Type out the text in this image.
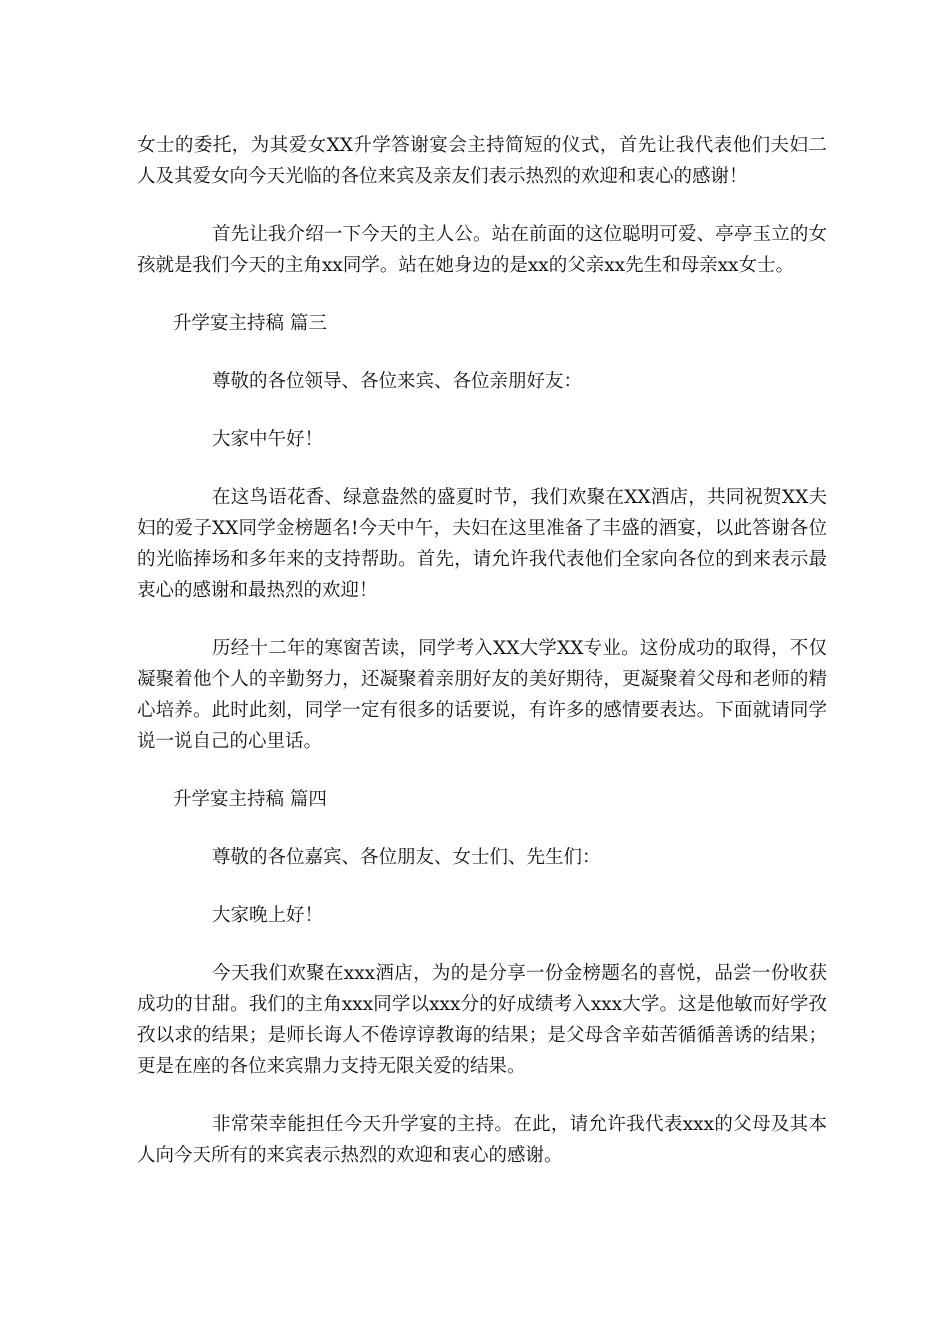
女士的委托，为其爱女XX升学答谢宴会主持简短的仪式，首先让我代表他们夫妇二人及其爱女向今天光临的各位来宾及亲友们表示热烈的欢迎和衷心的感谢！

首先让我介绍一下今天的主人公。站在前面的这位聪明可爱、亭亭玉立的女孩就是我们今天的主角xx同学。站在她身边的是xx的父亲xx先生和母亲xx女士。

升学宴主持稿 篇三

尊敬的各位领导、各位来宾、各位亲朋好友：

大家中午好！

在这鸟语花香、绿意盎然的盛夏时节，我们欢聚在XX酒店，共同祝贺XX夫妇的爱子XX同学金榜题名!今天中午，夫妇在这里准备了丰盛的酒宴，以此答谢各位的光临捧场和多年来的支持帮助。首先，请允许我代表他们全家向各位的到来表示最衷心的感谢和最热烈的欢迎！

历经十二年的寒窗苦读，同学考入XX大学XX专业。这份成功的取得，不仅凝聚着他个人的辛勤努力，还凝聚着亲朋好友的美好期待，更凝聚着父母和老师的精心培养。此时此刻，同学一定有很多的话要说，有许多的感情要表达。下面就请同学说一说自己的心里话。

升学宴主持稿 篇四

尊敬的各位嘉宾、各位朋友、女士们、先生们：

大家晚上好！

今天我们欢聚在xxx酒店，为的是分享一份金榜题名的喜悦，品尝一份收获成功的甘甜。我们的主角xxx同学以xxx分的好成绩考入xxx大学。这是他敏而好学孜孜以求的结果；是师长诲人不倦谆谆教诲的结果；是父母含辛茹苦循循善诱的结果；更是在座的各位来宾鼎力支持无限关爱的结果。

非常荣幸能担任今天升学宴的主持。在此，请允许我代表xxx的父母及其本人向今天所有的来宾表示热烈的欢迎和衷心的感谢。
